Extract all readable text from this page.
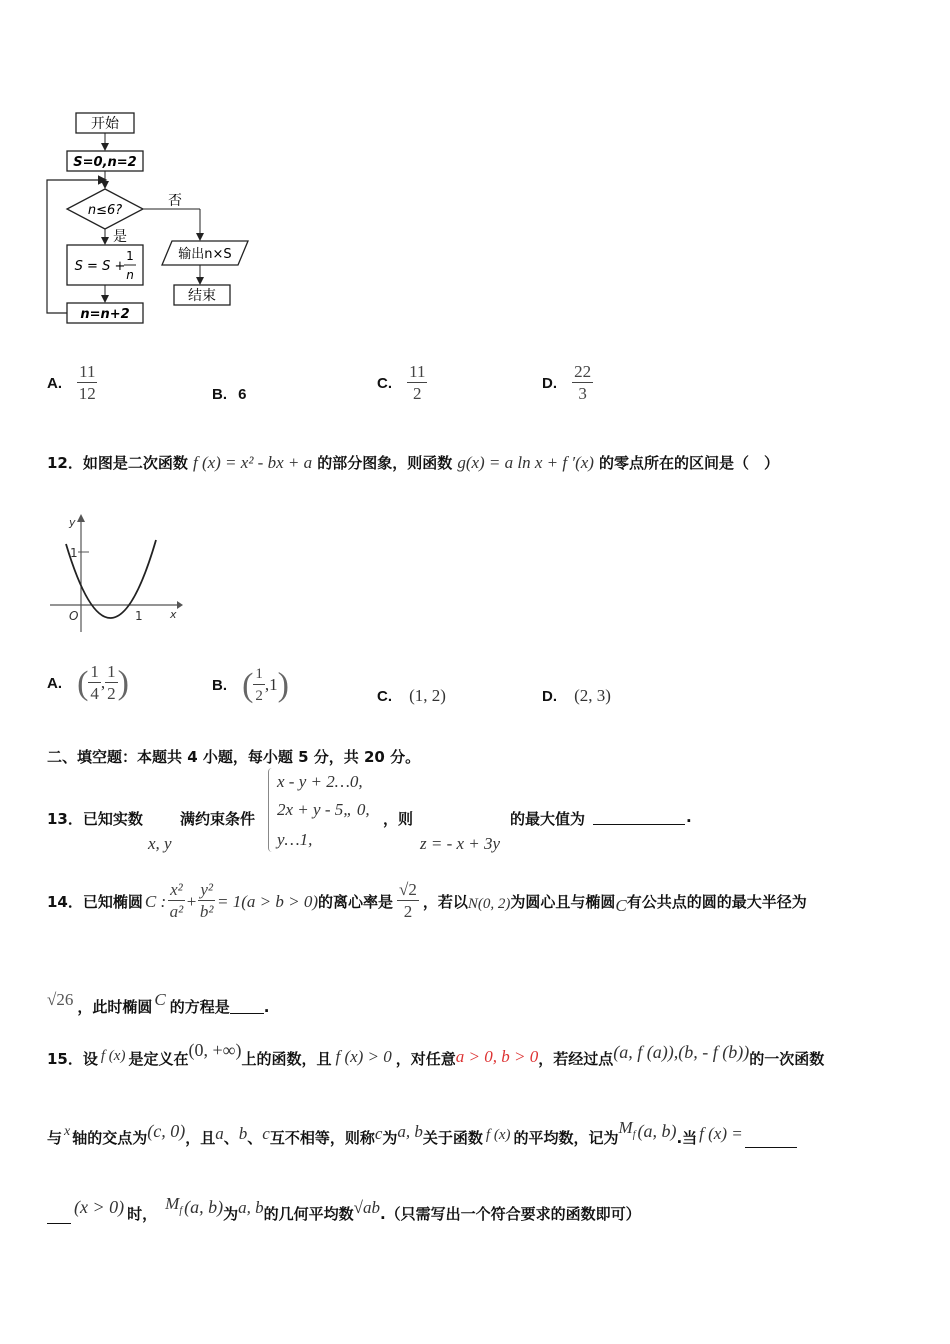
开始
S=0,n=2
n≤6?
否
是
S = S +
1
n
n=n+2
输出n×S
结束
A. $\frac{11}{12}$	B. 6
C. $\frac{11}{2}$	D. $\frac{22}{3}$
12．如图是二次函数 f (x) = x² - bx + a 的部分图象，则函数 g(x) = a ln x + f ′(x) 的零点所在的区间是（　）
y
x
O
1
1
A. ( $\frac{1}{4}$ , $\frac{1}{2}$ )	B. ( $\frac{1}{2} ,1$)	C. (1, 2)	D. (2, 3)
二、填空题：本题共 4 小题，每小题 5 分，共 20 分。
13．已知实数
x, y
满约束条件
x - y + 2…0,
2x + y - 5„ 0,
y…1,
，则
z = - x + 3y
的最大值为	.
14．已知椭圆 C : $\frac{\text{x²}}{\text{a²}} + \frac{\text{y²}}{\text{b²}} = 1(a > b > 0)$ 的离心率是 $\frac{√2}{2}$ ，若以 N(0, 2) 为圆心且与椭圆 C 有公共点的圆的最大半径为
√26 ，此时椭圆 C 的方程是 .
15．设 f (x) 是定义在 (0, +∞) 上的函数，且 f (x) > 0 ，对任意 a > 0, b > 0 ，若经过点 (a, f (a)),(b, - f (b)) 的一次函数
与 x 轴的交点为 (c, 0) ，且 a 、 b 、 c 互不相等，则称 c 为 a, b 关于函数 f (x) 的平均数，记为
$M_f$ (a, b) .当 f (x) =
(x > 0) 时，
$M_f$ (a, b) 为 a, b 的几何平均数 √ab .（只需写出一个符合要求的函数即可）
